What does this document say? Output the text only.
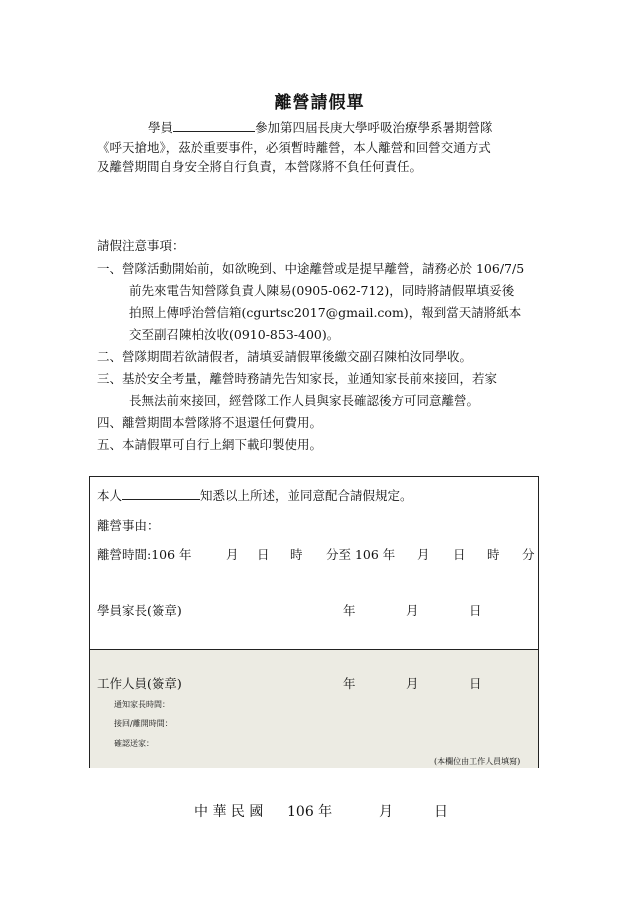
離營請假單
學員	參加第四屆長庚大學呼吸治療學系暑期營隊
《呼天搶地》，茲於重要事件，必須暫時離營，本人離營和回營交通方式
及離營期間自身安全將自行負責，本營隊將不負任何責任。
請假注意事項：
一、營隊活動開始前，如欲晚到、中途離營或是提早離營，請務必於 106/7/5
前先來電告知營隊負責人陳易(0905-062-712)，同時將請假單填妥後
拍照上傳呼治營信箱(cgurtsc2017@gmail.com)，報到當天請將紙本
交至副召陳柏汝收(0910-853-400)。
二、營隊期間若欲請假者，請填妥請假單後繳交副召陳柏汝同學收。
三、基於安全考量，離營時務請先告知家長，並通知家長前來接回，若家
長無法前來接回，經營隊工作人員與家長確認後方可同意離營。
四、離營期間本營隊將不退還任何費用。
五、本請假單可自行上網下載印製使用。
本人	知悉以上所述，並同意配合請假規定。
離營事由：
離營時間:106 年	月 日 時 分至 106 年 月 日 時 分
學員家長(簽章)	年	月	日
工作人員(簽章)	年	月	日
通知家長時間：
接回/離開時間：
確認送家：
(本欄位由工作人員填寫)
中 華 民 國 106 年	月	日
